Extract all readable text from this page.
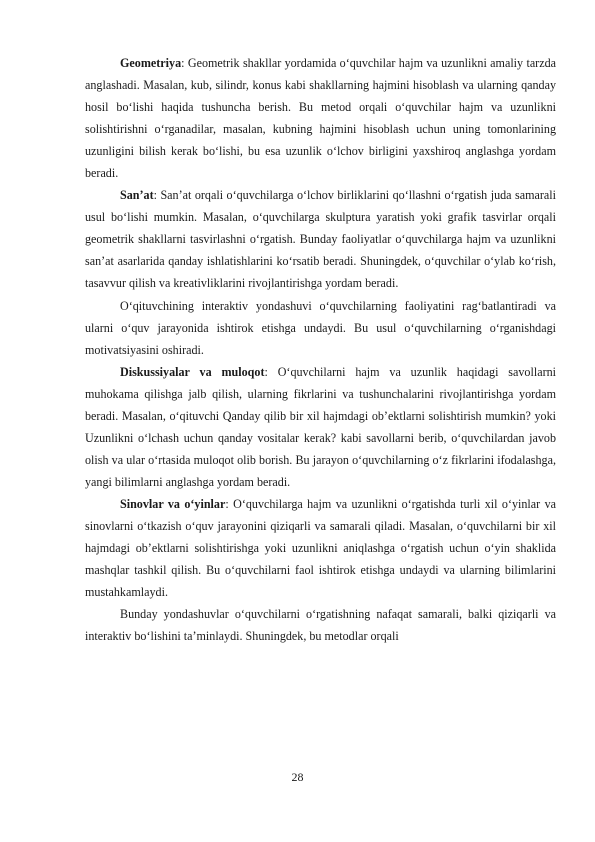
Geometriya: Geometrik shakllar yordamida o‘quvchilar hajm va uzunlikni amaliy tarzda anglashadi. Masalan, kub, silindr, konus kabi shakllarning hajmini hisoblash va ularning qanday hosil bo‘lishi haqida tushuncha berish. Bu metod orqali o‘quvchilar hajm va uzunlikni solishtirishni o‘rganadilar, masalan, kubning hajmini hisoblash uchun uning tomonlarining uzunligini bilish kerak bo‘lishi, bu esa uzunlik o‘lchov birligini yaxshiroq anglashga yordam beradi.

San’at: San’at orqali o‘quvchilarga o‘lchov birliklarini qo‘llashni o‘rgatish juda samarali usul bo‘lishi mumkin. Masalan, o‘quvchilarga skulptura yaratish yoki grafik tasvirlar orqali geometrik shakllarni tasvirlashni o‘rgatish. Bunday faoliyatlar o‘quvchilarga hajm va uzunlikni san’at asarlarida qanday ishlatishlarini ko‘rsatib beradi. Shuningdek, o‘quvchilar o‘ylab ko‘rish, tasavvur qilish va kreativliklarini rivojlantirishga yordam beradi.

O‘qituvchining interaktiv yondashuvi o‘quvchilarning faoliyatini rag‘batlantiradi va ularni o‘quv jarayonida ishtirok etishga undaydi. Bu usul o‘quvchilarning o‘rganishdagi motivatsiyasini oshiradi.

Diskussiyalar va muloqot: O‘quvchilarni hajm va uzunlik haqidagi savollarni muhokama qilishga jalb qilish, ularning fikrlarini va tushunchalarini rivojlantirishga yordam beradi. Masalan, o‘qituvchi Qanday qilib bir xil hajmdagi ob’ektlarni solishtirish mumkin? yoki Uzunlikni o‘lchash uchun qanday vositalar kerak? kabi savollarni berib, o‘quvchilardan javob olish va ular o‘rtasida muloqot olib borish. Bu jarayon o‘quvchilarning o‘z fikrlarini ifodalashga, yangi bilimlarni anglashga yordam beradi.

Sinovlar va o‘yinlar: O‘quvchilarga hajm va uzunlikni o‘rgatishda turli xil o‘yinlar va sinovlarni o‘tkazish o‘quv jarayonini qiziqarli va samarali qiladi. Masalan, o‘quvchilarni bir xil hajmdagi ob’ektlarni solishtirishga yoki uzunlikni aniqlashga o‘rgatish uchun o‘yin shaklida mashqlar tashkil qilish. Bu o‘quvchilarni faol ishtirok etishga undaydi va ularning bilimlarini mustahkamlaydi.

Bunday yondashuvlar o‘quvchilarni o‘rgatishning nafaqat samarali, balki qiziqarli va interaktiv bo‘lishini ta’minlaydi. Shuningdek, bu metodlar orqali

28
